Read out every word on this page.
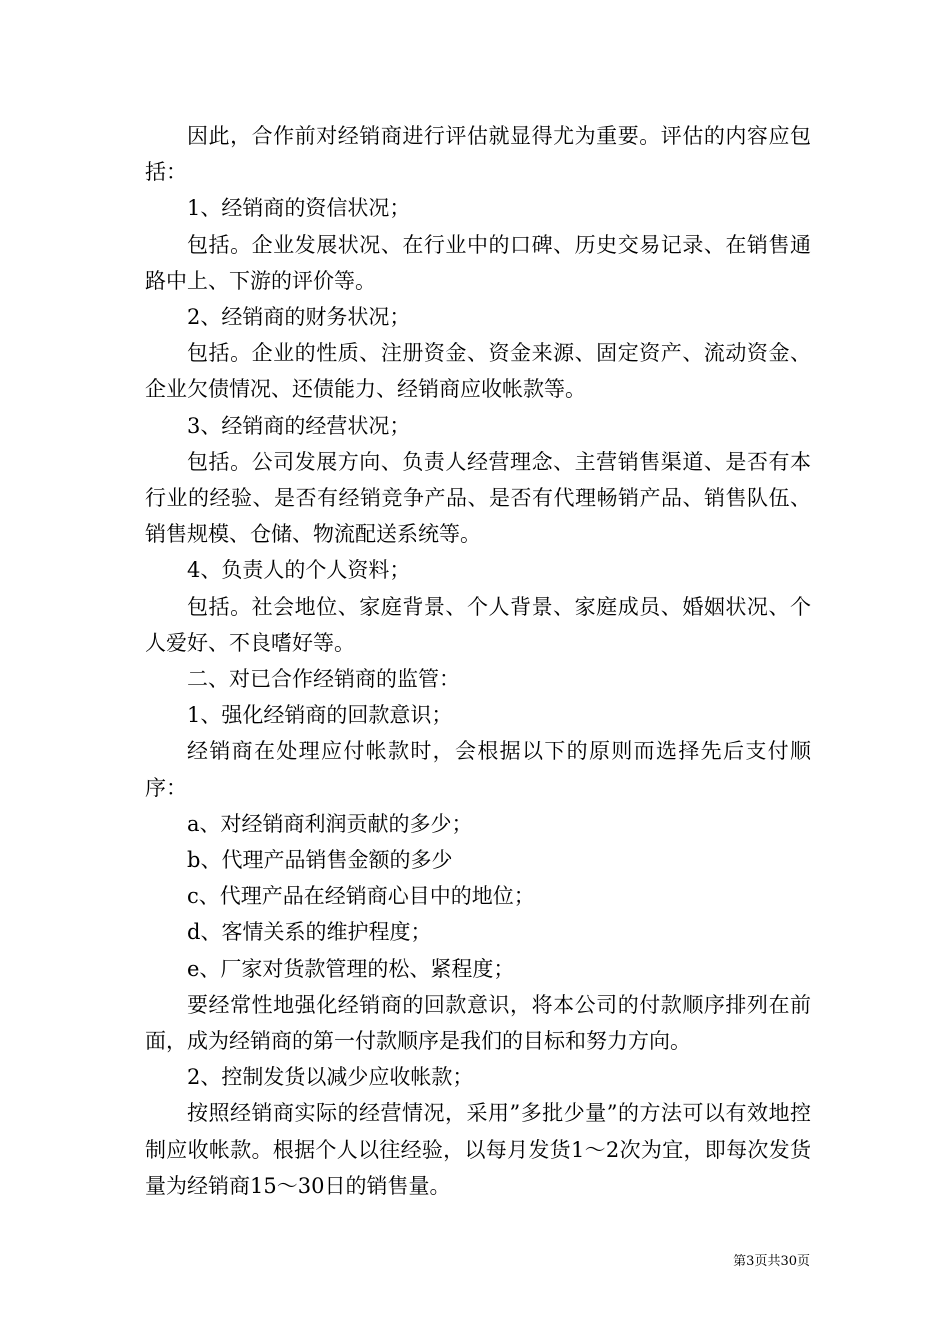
因此，合作前对经销商进行评估就显得尤为重要。评估的内容应包括：

1、经销商的资信状况；

包括。企业发展状况、在行业中的口碑、历史交易记录、在销售通路中上、下游的评价等。

2、经销商的财务状况；

包括。企业的性质、注册资金、资金来源、固定资产、流动资金、企业欠债情况、还债能力、经销商应收帐款等。

3、经销商的经营状况；

包括。公司发展方向、负责人经营理念、主营销售渠道、是否有本行业的经验、是否有经销竞争产品、是否有代理畅销产品、销售队伍、销售规模、仓储、物流配送系统等。

4、负责人的个人资料；

包括。社会地位、家庭背景、个人背景、家庭成员、婚姻状况、个人爱好、不良嗜好等。

二、对已合作经销商的监管：

1、强化经销商的回款意识；

经销商在处理应付帐款时，会根据以下的原则而选择先后支付顺序：

a、对经销商利润贡献的多少；

b、代理产品销售金额的多少

c、代理产品在经销商心目中的地位；

d、客情关系的维护程度；

e、厂家对货款管理的松、紧程度；

要经常性地强化经销商的回款意识，将本公司的付款顺序排列在前面，成为经销商的第一付款顺序是我们的目标和努力方向。

2、控制发货以减少应收帐款；

按照经销商实际的经营情况，采用”多批少量”的方法可以有效地控制应收帐款。根据个人以往经验，以每月发货1～2次为宜，即每次发货量为经销商15～30日的销售量。

第3页共30页
